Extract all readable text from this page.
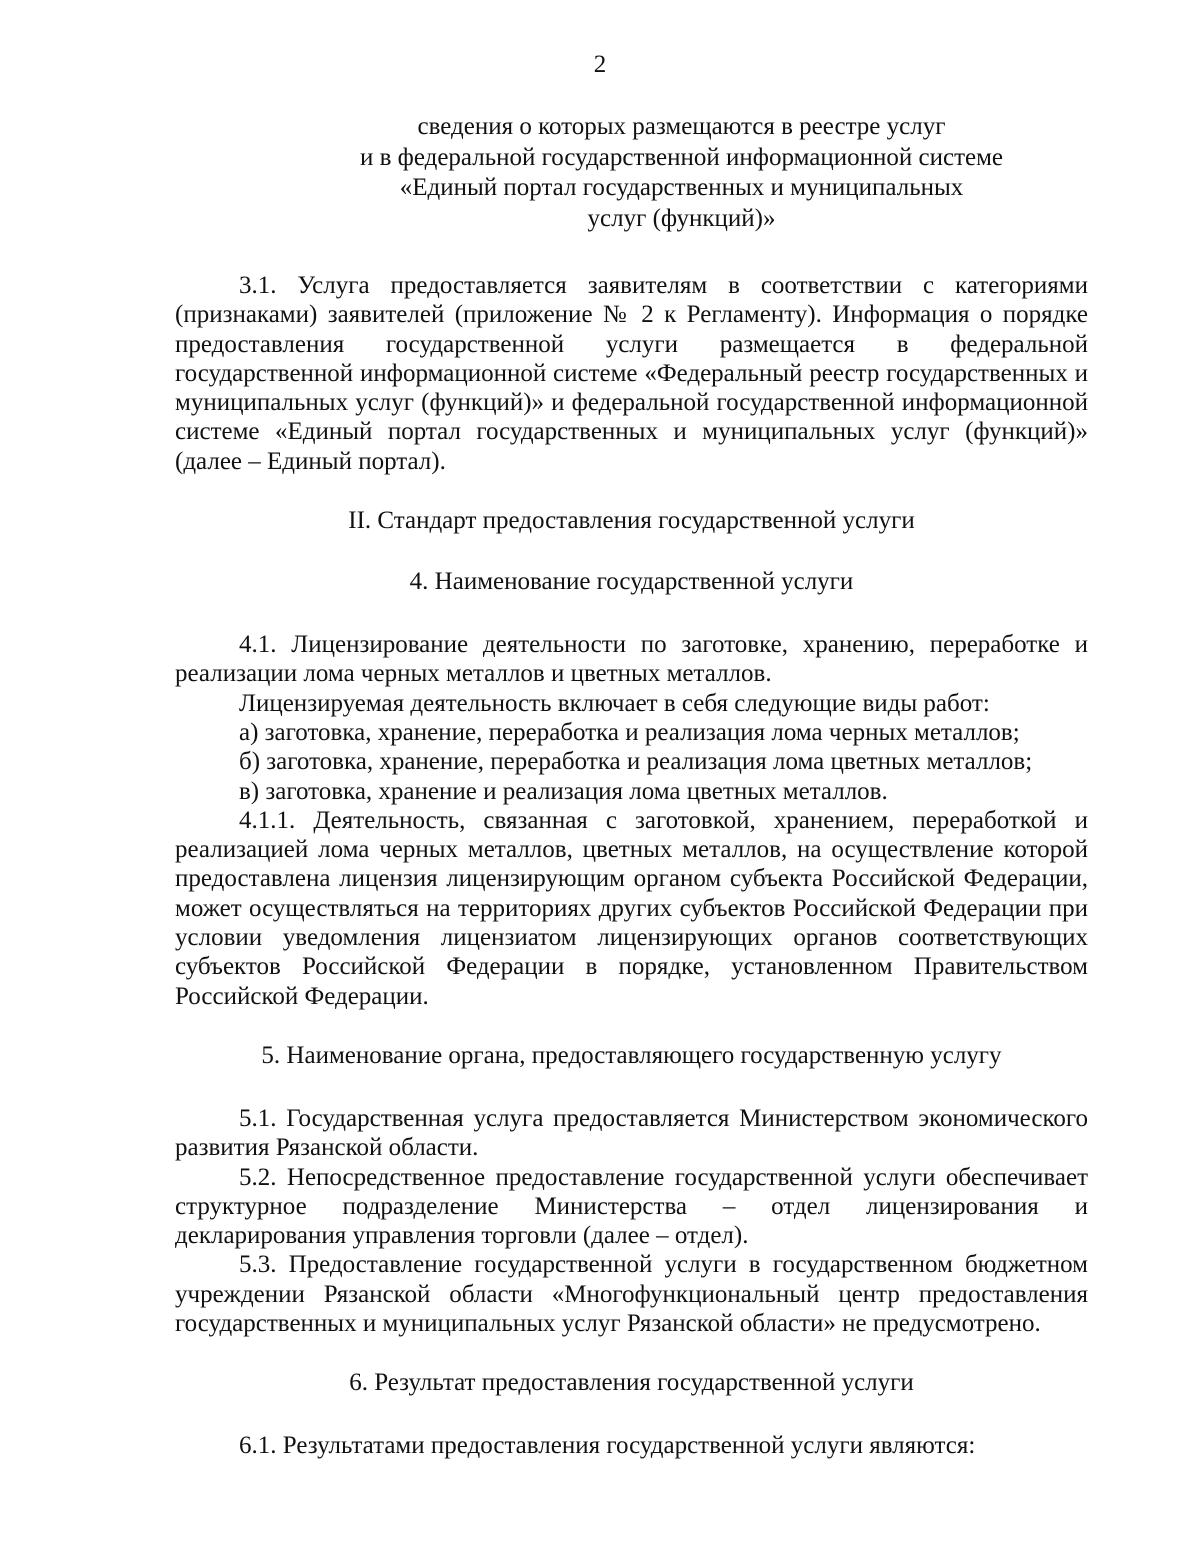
2
сведения о которых размещаются в реестре услуг
и в федеральной государственной информационной системе
«Единый портал государственных и муниципальных
услуг (функций)»

3.1. Услуга предоставляется заявителям в соответствии с категориями (признаками) заявителей (приложение № 2 к Регламенту). Информация о порядке предоставления государственной услуги размещается в федеральной государственной информационной системе «Федеральный реестр государственных и муниципальных услуг (функций)» и федеральной государственной информационной системе «Единый портал государственных и муниципальных услуг (функций)» (далее – Единый портал).

II. Стандарт предоставления государственной услуги

4. Наименование государственной услуги

4.1. Лицензирование деятельности по заготовке, хранению, переработке и реализации лома черных металлов и цветных металлов.

Лицензируемая деятельность включает в себя следующие виды работ:

а) заготовка, хранение, переработка и реализация лома черных металлов;

б) заготовка, хранение, переработка и реализация лома цветных металлов;

в) заготовка, хранение и реализация лома цветных металлов.

4.1.1. Деятельность, связанная с заготовкой, хранением, переработкой и реализацией лома черных металлов, цветных металлов, на осуществление которой предоставлена лицензия лицензирующим органом субъекта Российской Федерации, может осуществляться на территориях других субъектов Российской Федерации при условии уведомления лицензиатом лицензирующих органов соответствующих субъектов Российской Федерации в порядке, установленном Правительством Российской Федерации.

5. Наименование органа, предоставляющего государственную услугу

5.1. Государственная услуга предоставляется Министерством экономического развития Рязанской области.

5.2. Непосредственное предоставление государственной услуги обеспечивает структурное подразделение Министерства – отдел лицензирования и декларирования управления торговли (далее – отдел).

5.3. Предоставление государственной услуги в государственном бюджетном учреждении Рязанской области «Многофункциональный центр предоставления государственных и муниципальных услуг Рязанской области» не предусмотрено.

6. Результат предоставления государственной услуги

6.1. Результатами предоставления государственной услуги являются:
